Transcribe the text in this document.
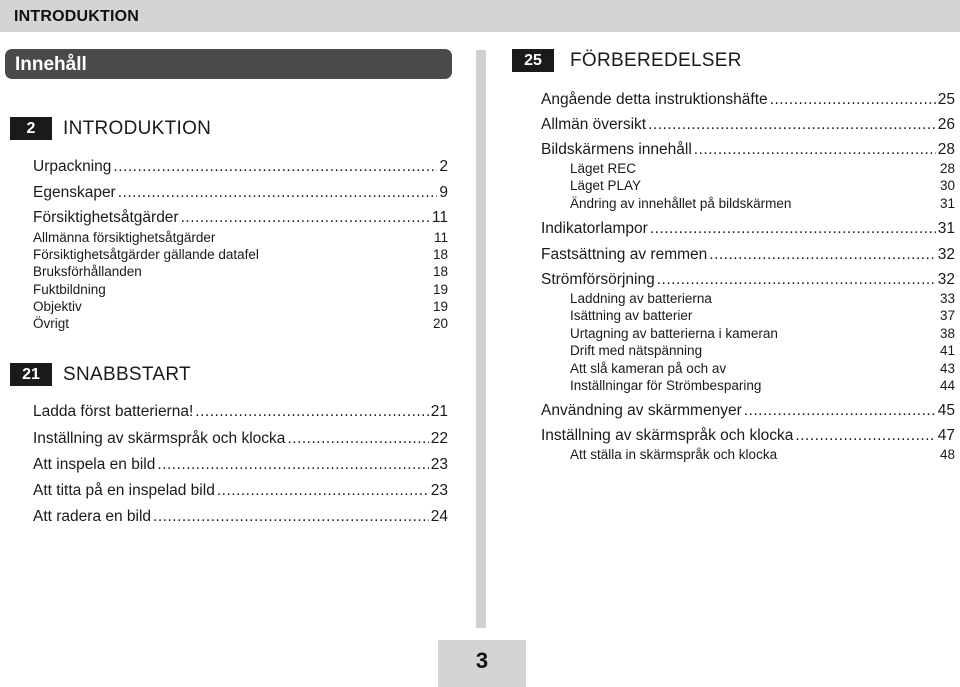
INTRODUKTION
Innehåll
2	INTRODUKTION
Urpackning .....	2
Egenskaper .....	9
Försiktighetsåtgärder .....	11
Allmänna försiktighetsåtgärder	11
Försiktighetsåtgärder gällande datafel	18
Bruksförhållanden	18
Fuktbildning	19
Objektiv	19
Övrigt	20
21	SNABBSTART
Ladda först batterierna! .....	21
Inställning av skärmspråk och klocka .....	22
Att inspela en bild .....	23
Att titta på en inspelad bild .....	23
Att radera en bild .....	24
25	FÖRBEREDELSER
Angående detta instruktionshäfte .....	25
Allmän översikt .....	26
Bildskärmens innehåll .....	28
Läget REC	28
Läget PLAY	30
Ändring av innehållet på bildskärmen	31
Indikatorlampor .....	31
Fastsättning av remmen .....	32
Strömförsörjning .....	32
Laddning av batterierna	33
Isättning av batterier	37
Urtagning av batterierna i kameran	38
Drift med nätspänning	41
Att slå kameran på och av	43
Inställningar för Strömbesparing	44
Användning av skärmmenyer .....	45
Inställning av skärmspråk och klocka .....	47
Att ställa in skärmspråk och klocka	48
3
